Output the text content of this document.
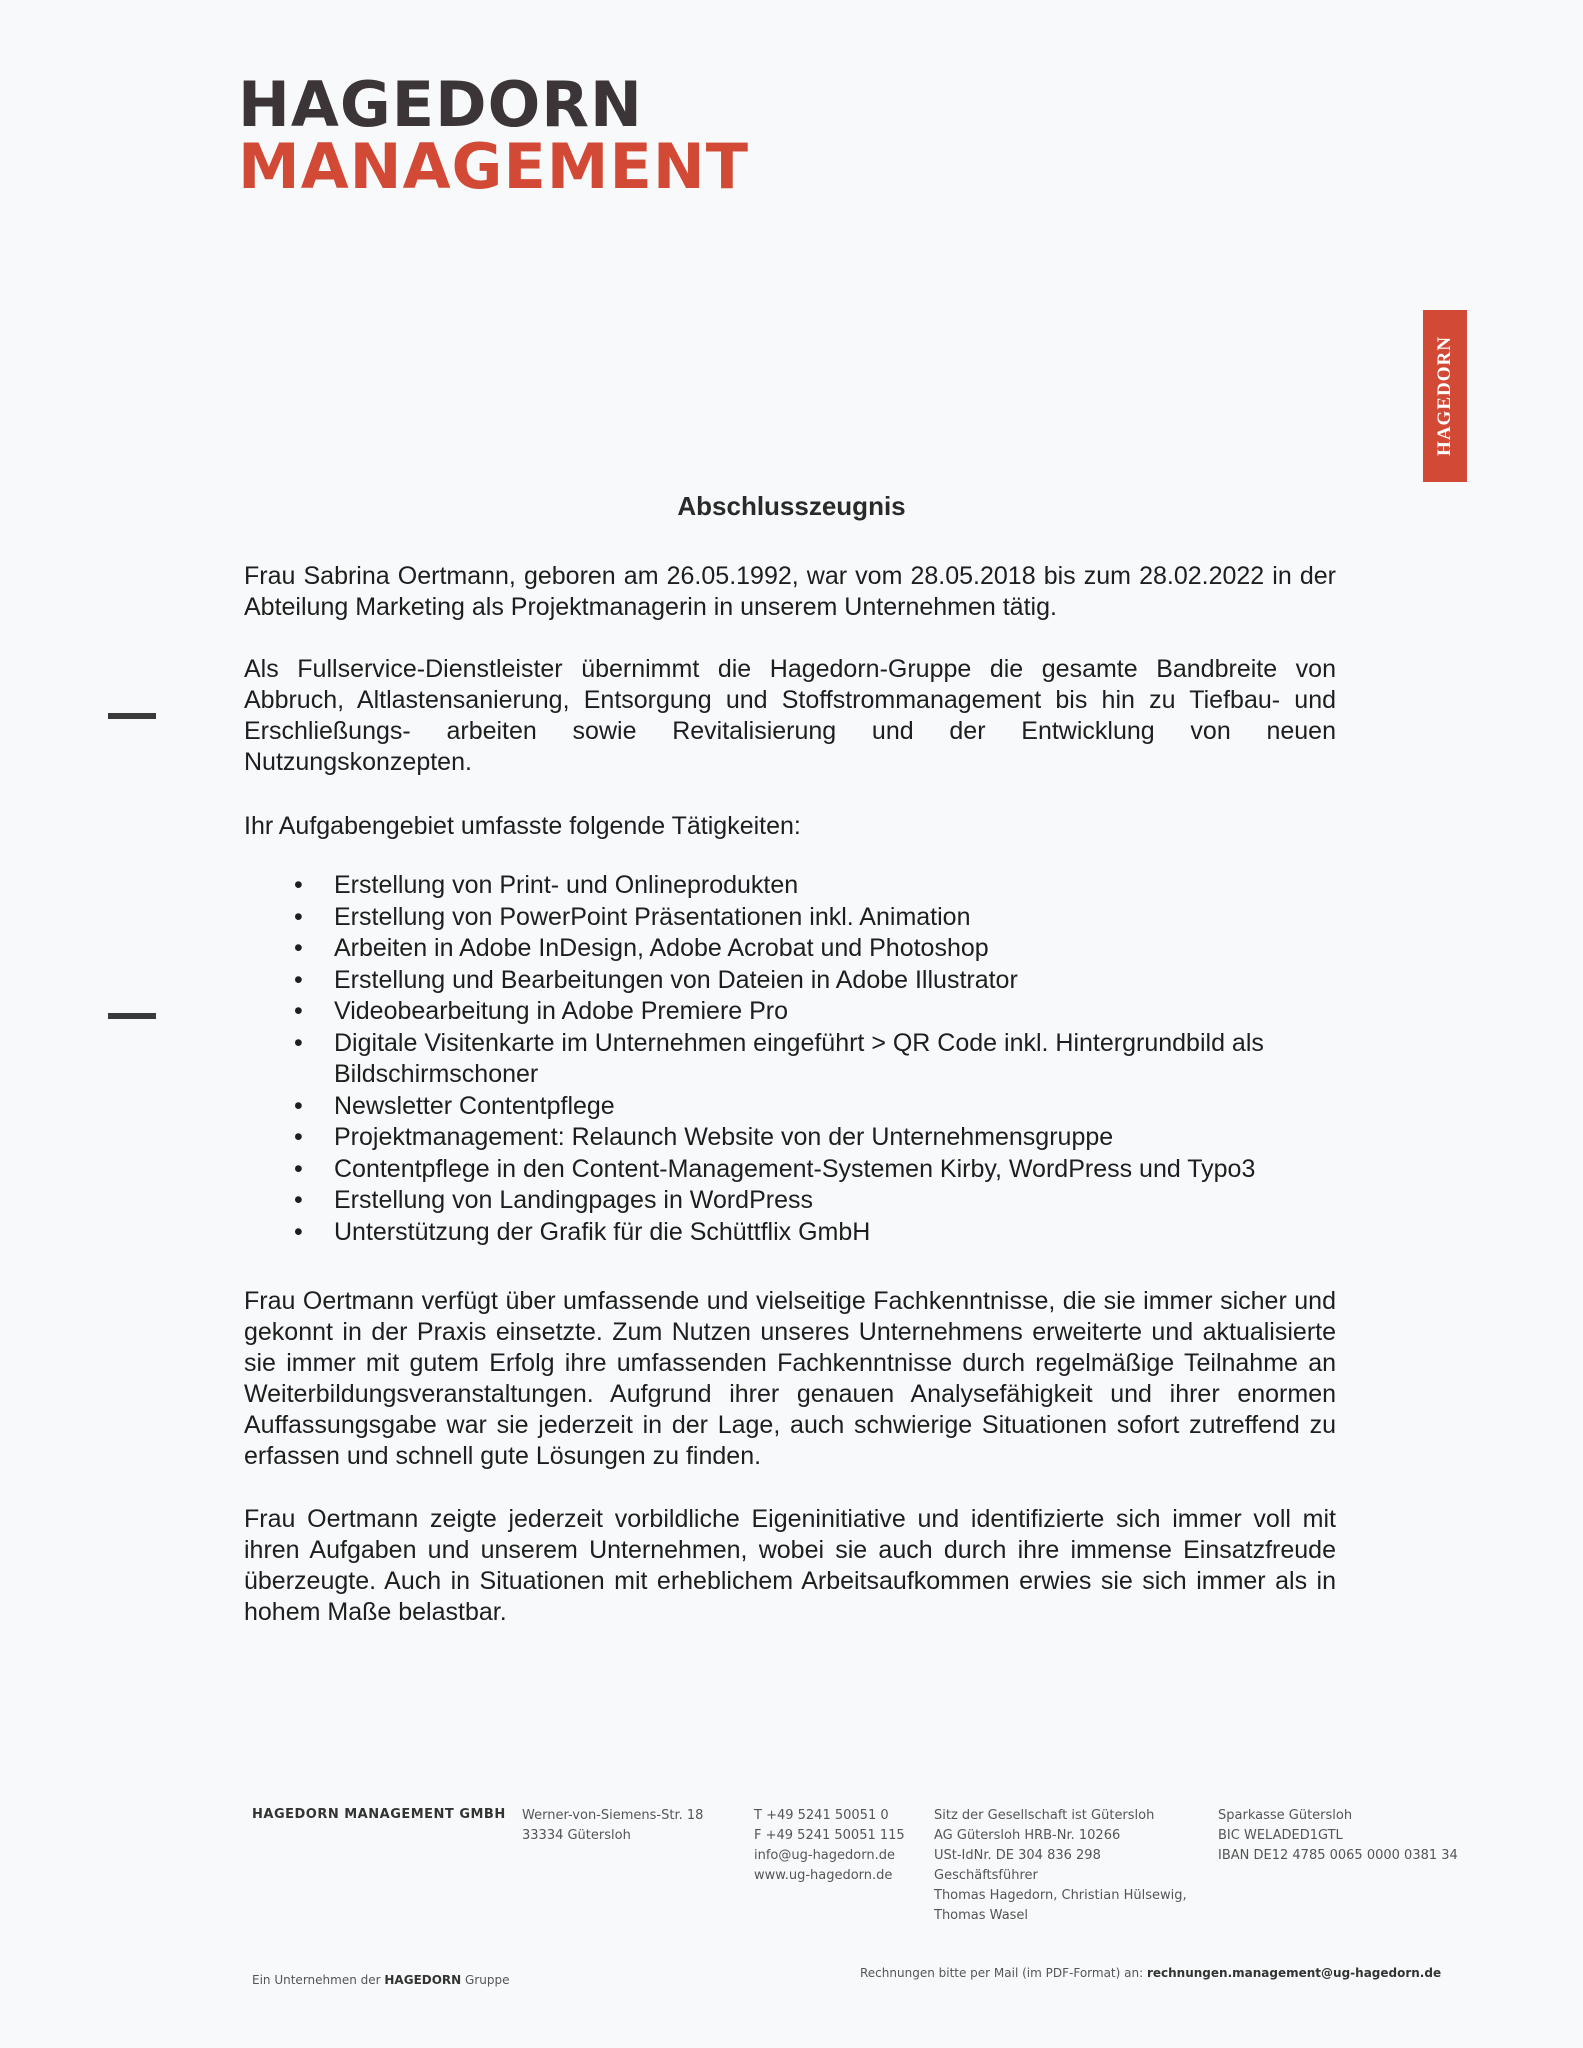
HAGEDORN
MANAGEMENT
HAGEDORN
Abschlusszeugnis

Frau Sabrina Oertmann, geboren am 26.05.1992, war vom 28.05.2018 bis zum 28.02.2022 in der Abteilung Marketing als Projektmanagerin in unserem Unternehmen tätig.

Als Fullservice-Dienstleister übernimmt die Hagedorn-Gruppe die gesamte Bandbreite von Abbruch, Altlastensanierung, Entsorgung und Stoffstrommanagement bis hin zu Tiefbau- und Erschließungs- arbeiten sowie Revitalisierung und der Entwicklung von neuen Nutzungskonzepten.

Ihr Aufgabengebiet umfasste folgende Tätigkeiten:

• Erstellung von Print- und Onlineprodukten
• Erstellung von PowerPoint Präsentationen inkl. Animation
• Arbeiten in Adobe InDesign, Adobe Acrobat und Photoshop
• Erstellung und Bearbeitungen von Dateien in Adobe Illustrator
• Videobearbeitung in Adobe Premiere Pro
• Digitale Visitenkarte im Unternehmen eingeführt > QR Code inkl. Hintergrundbild als Bildschirmschoner
• Newsletter Contentpflege
• Projektmanagement: Relaunch Website von der Unternehmensgruppe
• Contentpflege in den Content-Management-Systemen Kirby, WordPress und Typo3
• Erstellung von Landingpages in WordPress
• Unterstützung der Grafik für die Schüttflix GmbH

Frau Oertmann verfügt über umfassende und vielseitige Fachkenntnisse, die sie immer sicher und gekonnt in der Praxis einsetzte. Zum Nutzen unseres Unternehmens erweiterte und aktualisierte sie immer mit gutem Erfolg ihre umfassenden Fachkenntnisse durch regelmäßige Teilnahme an Weiterbildungsveranstaltungen. Aufgrund ihrer genauen Analysefähigkeit und ihrer enormen Auffassungsgabe war sie jederzeit in der Lage, auch schwierige Situationen sofort zutreffend zu erfassen und schnell gute Lösungen zu finden.

Frau Oertmann zeigte jederzeit vorbildliche Eigeninitiative und identifizierte sich immer voll mit ihren Aufgaben und unserem Unternehmen, wobei sie auch durch ihre immense Einsatzfreude überzeugte. Auch in Situationen mit erheblichem Arbeitsaufkommen erwies sie sich immer als in hohem Maße belastbar.

HAGEDORN MANAGEMENT GMBH Werner-von-Siemens-Str. 18
33334 Gütersloh
T +49 5241 50051 0
F +49 5241 50051 115
info@ug-hagedorn.de
www.ug-hagedorn.de
Sitz der Gesellschaft ist Gütersloh
AG Gütersloh HRB-Nr. 10266
USt-IdNr. DE 304 836 298
Geschäftsführer
Thomas Hagedorn, Christian Hülsewig,
Thomas Wasel
Sparkasse Gütersloh
BIC WELADED1GTL
IBAN DE12 4785 0065 0000 0381 34
Ein Unternehmen der HAGEDORN Gruppe	Rechnungen bitte per Mail (im PDF-Format) an: rechnungen.management@ug-hagedorn.de
